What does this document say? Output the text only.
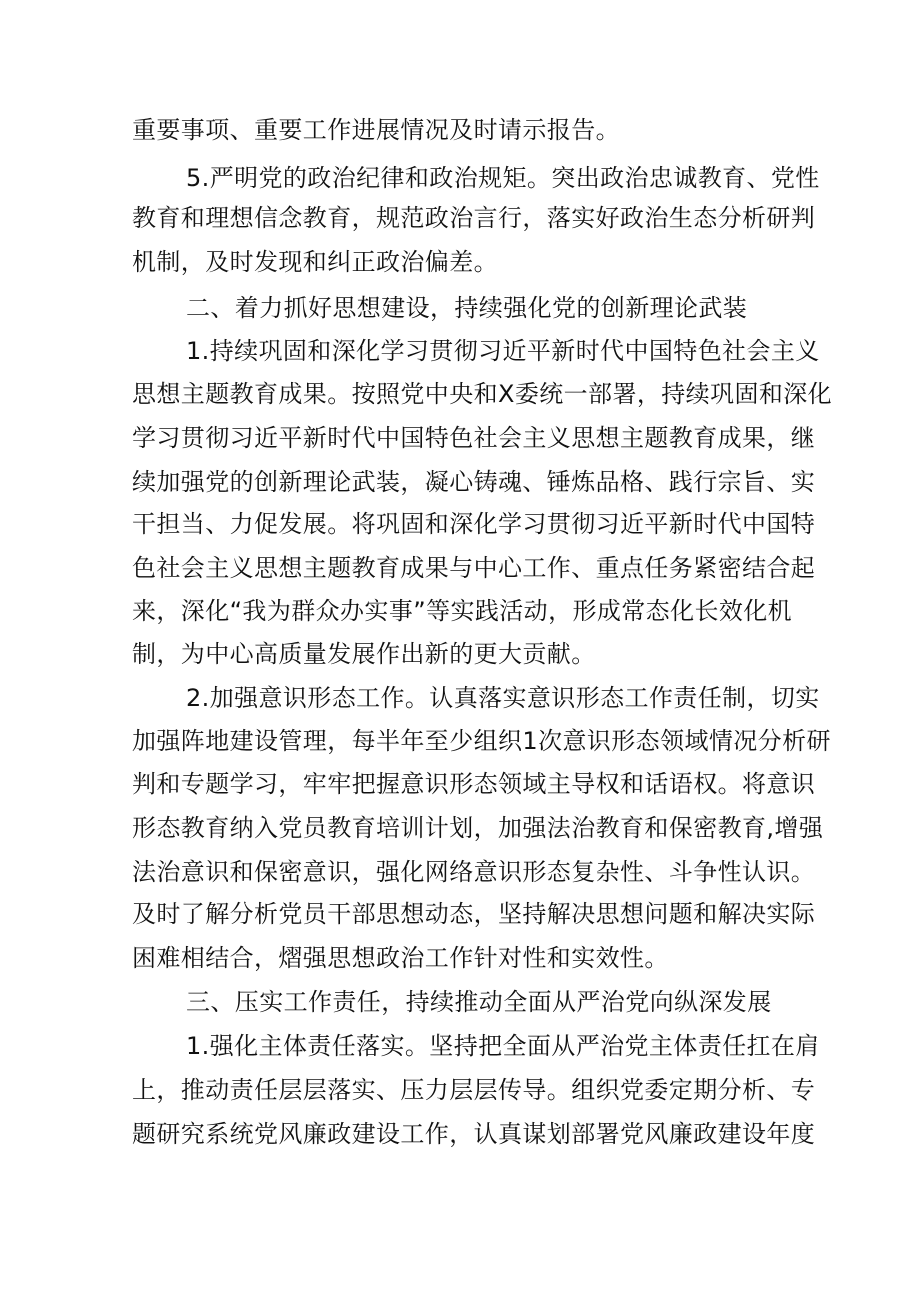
重要事项、重要工作进展情况及时请示报告。
5.严明党的政治纪律和政治规矩。突出政治忠诚教育、党性
教育和理想信念教育，规范政治言行，落实好政治生态分析研判
机制，及时发现和纠正政治偏差。
二、着力抓好思想建设，持续强化党的创新理论武装
1.持续巩固和深化学习贯彻习近平新时代中国特色社会主义
思想主题教育成果。按照党中央和X委统一部署，持续巩固和深化
学习贯彻习近平新时代中国特色社会主义思想主题教育成果，继
续加强党的创新理论武装，凝心铸魂、锤炼品格、践行宗旨、实
干担当、力促发展。将巩固和深化学习贯彻习近平新时代中国特
色社会主义思想主题教育成果与中心工作、重点任务紧密结合起
来，深化“我为群众办实事”等实践活动，形成常态化长效化机
制，为中心高质量发展作出新的更大贡献。
2.加强意识形态工作。认真落实意识形态工作责任制，切实
加强阵地建设管理，每半年至少组织1次意识形态领域情况分析研
判和专题学习，牢牢把握意识形态领域主导权和话语权。将意识
形态教育纳入党员教育培训计划，加强法治教育和保密教育,增强
法治意识和保密意识，强化网络意识形态复杂性、斗争性认识。
及时了解分析党员干部思想动态，坚持解决思想问题和解决实际
困难相结合，熠强思想政治工作针对性和实效性。
三、压实工作责任，持续推动全面从严治党向纵深发展
1.强化主体责任落实。坚持把全面从严治党主体责任扛在肩
上，推动责任层层落实、压力层层传导。组织党委定期分析、专
题研究系统党风廉政建设工作，认真谋划部署党风廉政建设年度
